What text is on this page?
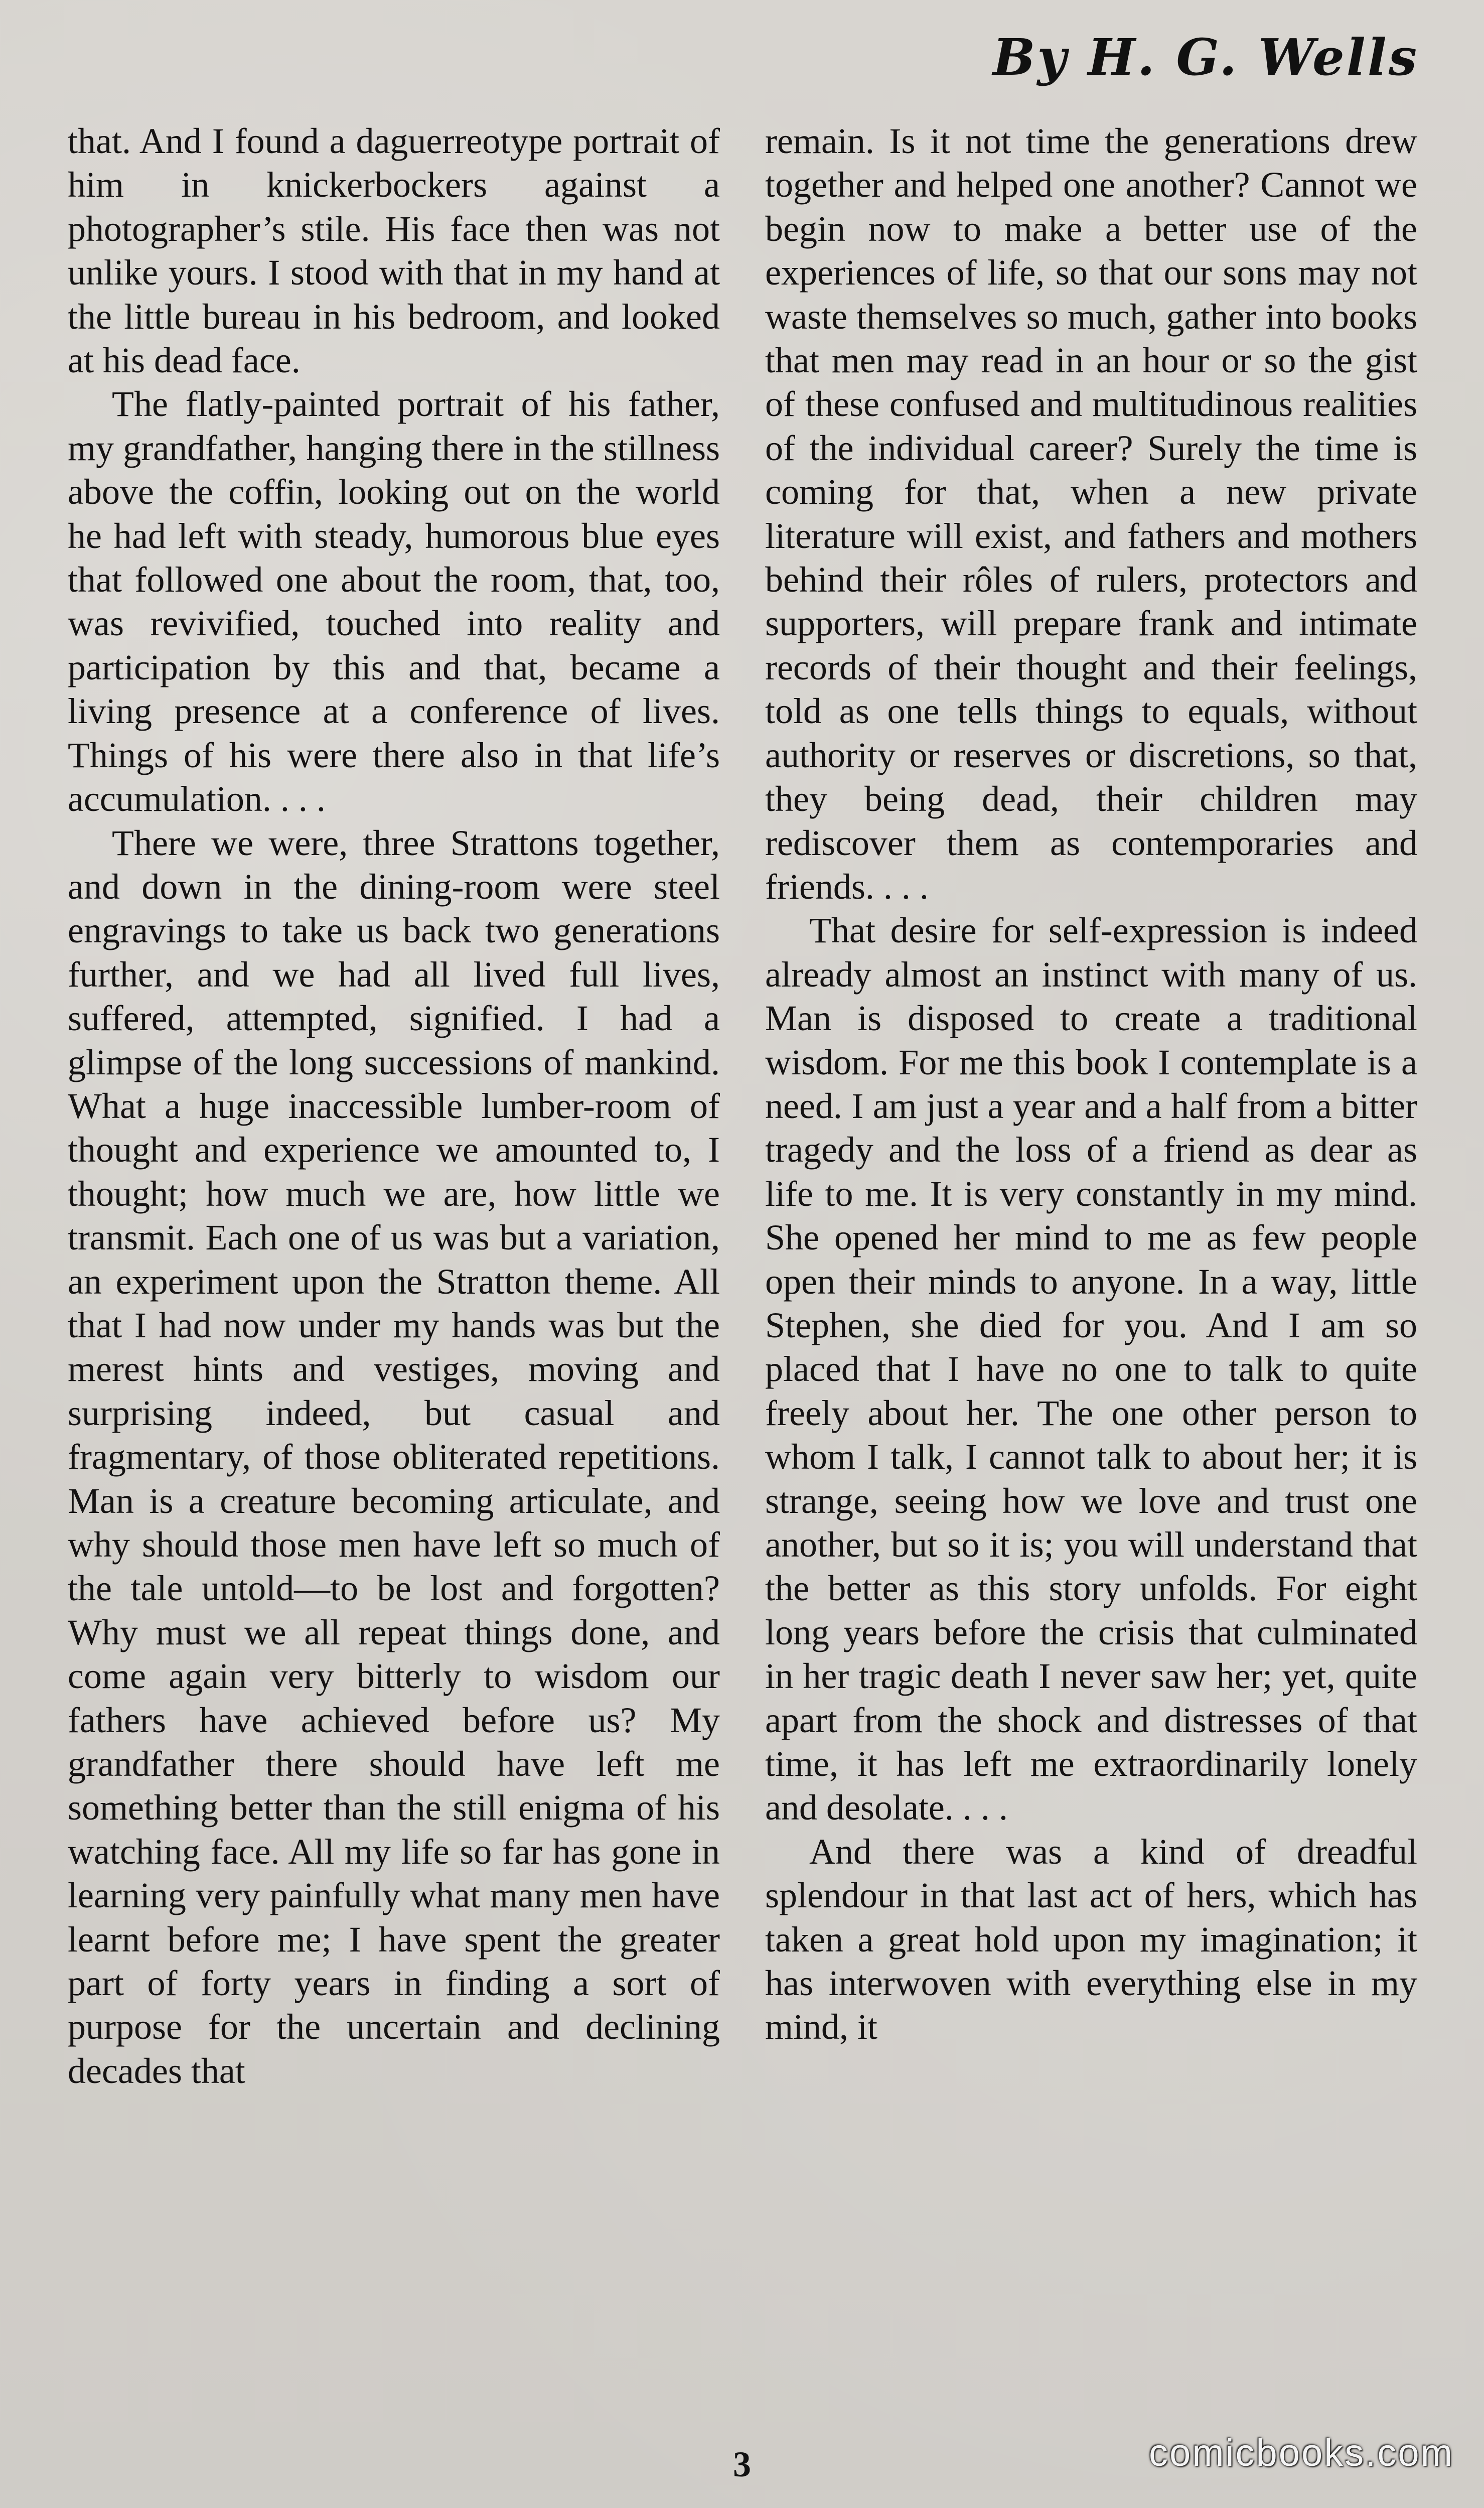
By H. G. Wells

that. And I found a daguerreotype portrait of him in knickerbockers against a photographer’s stile. His face then was not unlike yours. I stood with that in my hand at the little bureau in his bedroom, and looked at his dead face.

The flatly-painted portrait of his father, my grandfather, hanging there in the stillness above the coffin, looking out on the world he had left with steady, humorous blue eyes that followed one about the room, that, too, was revivified, touched into reality and participation by this and that, became a living presence at a conference of lives. Things of his were there also in that life’s accumulation. . . .

There we were, three Strattons together, and down in the dining-room were steel engravings to take us back two generations further, and we had all lived full lives, suffered, attempted, signified. I had a glimpse of the long successions of mankind. What a huge inaccessible lumber-room of thought and experience we amounted to, I thought; how much we are, how little we transmit. Each one of us was but a variation, an experiment upon the Stratton theme. All that I had now under my hands was but the merest hints and vestiges, moving and surprising indeed, but casual and fragmentary, of those obliterated repetitions. Man is a creature becoming articulate, and why should those men have left so much of the tale untold—to be lost and forgotten? Why must we all repeat things done, and come again very bitterly to wisdom our fathers have achieved before us? My grandfather there should have left me something better than the still enigma of his watching face. All my life so far has gone in learning very painfully what many men have learnt before me; I have spent the greater part of forty years in finding a sort of purpose for the uncertain and declining decades that

remain. Is it not time the generations drew together and helped one another? Cannot we begin now to make a better use of the experiences of life, so that our sons may not waste themselves so much, gather into books that men may read in an hour or so the gist of these confused and multitudinous realities of the individual career? Surely the time is coming for that, when a new private literature will exist, and fathers and mothers behind their rôles of rulers, protectors and supporters, will prepare frank and intimate records of their thought and their feelings, told as one tells things to equals, without authority or reserves or discretions, so that, they being dead, their children may rediscover them as contemporaries and friends. . . .

That desire for self-expression is indeed already almost an instinct with many of us. Man is disposed to create a traditional wisdom. For me this book I contemplate is a need. I am just a year and a half from a bitter tragedy and the loss of a friend as dear as life to me. It is very constantly in my mind. She opened her mind to me as few people open their minds to anyone. In a way, little Stephen, she died for you. And I am so placed that I have no one to talk to quite freely about her. The one other person to whom I talk, I cannot talk to about her; it is strange, seeing how we love and trust one another, but so it is; you will understand that the better as this story unfolds. For eight long years before the crisis that culminated in her tragic death I never saw her; yet, quite apart from the shock and distresses of that time, it has left me extraordinarily lonely and desolate. . . .

And there was a kind of dreadful splendour in that last act of hers, which has taken a great hold upon my imagination; it has interwoven with everything else in my mind, it

3	comicbooks.com
